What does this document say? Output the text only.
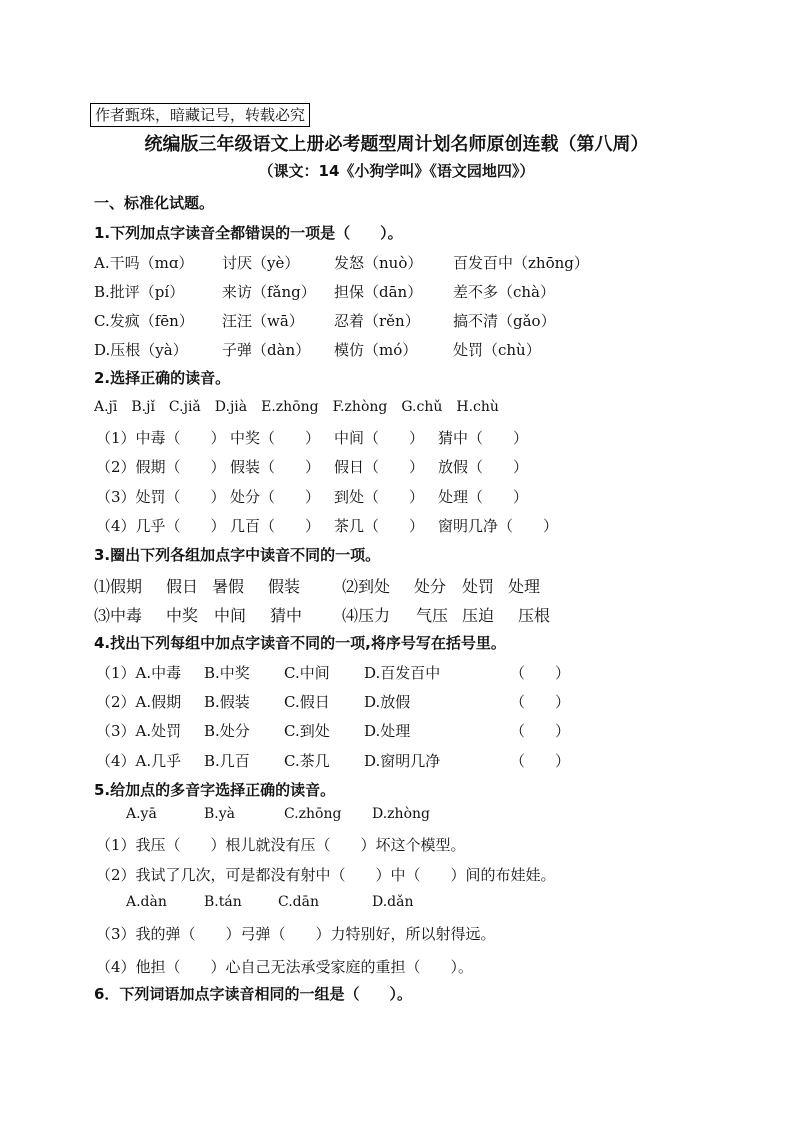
作者甄珠，暗藏记号，转载必究
统编版三年级语文上册必考题型周计划名师原创连载（第八周）
（课文：14《小狗学叫》《语文园地四》）
一、标准化试题。
1.下列加点字读音全都错误的一项是（　　）。
A.干吗（mɑ） 讨厌（yè） 发怒（nuò） 百发百中（zhōng）
B.批评（pí）	来访（fǎng） 担保（dān） 差不多（chà）
C.发疯（fēn） 汪汪（wā） 忍着（rěn） 搞不清（gǎo）
D.压根（yà） 子弹（dàn） 模仿（mó） 处罚（chù）
2.选择正确的读音。
A.jī　B.jǐ　C.jiǎ　D.jià　E.zhōng　F.zhòng　G.chǔ　H.chù
（1）中毒（　　） 中奖（　　） 中间（　　） 猜中（　　）
（2）假期（　　） 假装（　　） 假日（　　） 放假（　　）
（3）处罚（　　） 处分（　　） 到处（　　） 处理（　　）
（4）几乎（　　） 几百（　　） 茶几（　　） 窗明几净（　　）
3.圈出下列各组加点字中读音不同的一项。
⑴假期 假日 暑假 假装	⑵到处 处分 处罚 处理
⑶中毒 中奖 中间 猜中 ⑷压力 气压 压迫 压根
4.找出下列每组中加点字读音不同的一项,将序号写在括号里。
（1）A.中毒 B.中奖 C.中间 D.百发百中	（　　）
（2）A.假期 B.假装 C.假日 D.放假	（　　）
（3）A.处罚 B.处分 C.到处 D.处理	（　　）
（4）A.几乎 B.几百 C.茶几 D.窗明几净	（　　）
5.给加点的多音字选择正确的读音。
A.yā	B.yà	C.zhōng D.zhòng
（1）我压（　　）根儿就没有压（　　）坏这个模型。
（2）我试了几次，可是都没有射中（　　）中（　　）间的布娃娃。
A.dàn	B.tán	C.dān	D.dǎn
（3）我的弹（　　）弓弹（　　）力特别好，所以射得远。
（4）他担（　　）心自己无法承受家庭的重担（　　）。
6．下列词语加点字读音相同的一组是（　　）。
